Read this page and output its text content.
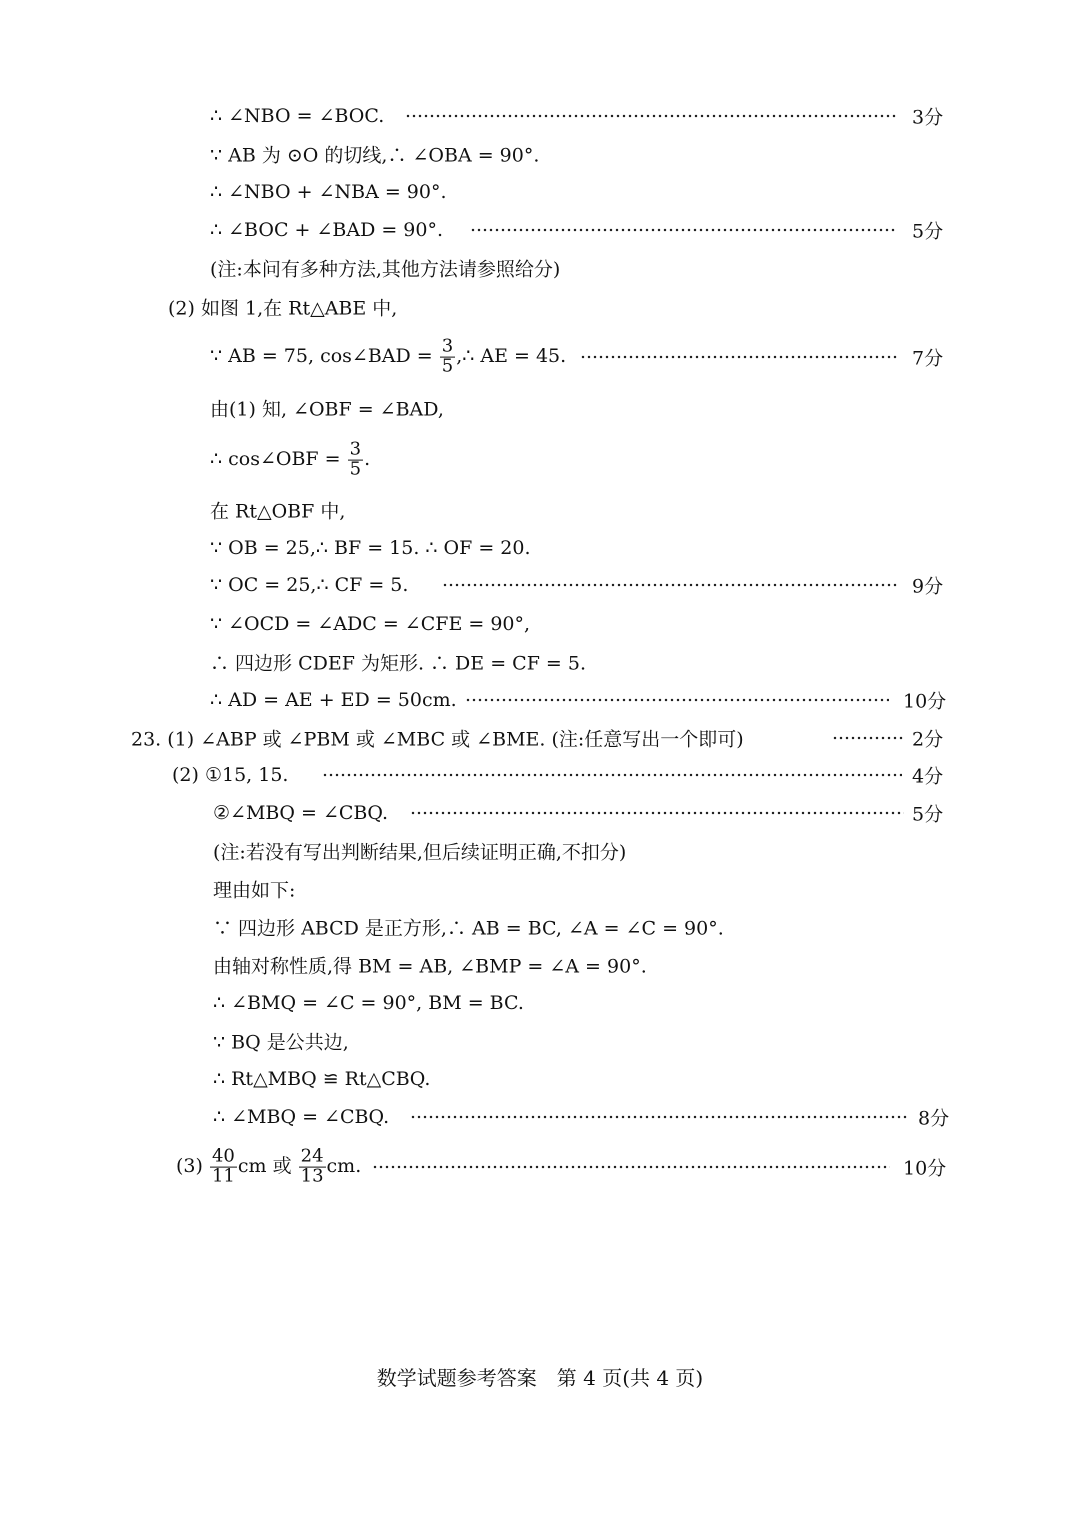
∴ ∠NBO = ∠BOC.	3分
∵ AB 为 ⊙O 的切线,∴ ∠OBA = 90°.
∴ ∠NBO + ∠NBA = 90°.
∴ ∠BOC + ∠BAD = 90°.	5分
(注:本问有多种方法,其他方法请参照给分)
(2) 如图 1,在 Rt△ABE 中,
∵ AB = 75, cos∠BAD = $\frac{3}{5}$ ,∴ AE = 45.	7分
由(1) 知, ∠OBF = ∠BAD,
∴ cos∠OBF = $\frac{3}{5}$ .
在 Rt△OBF 中,
∵ OB = 25,∴ BF = 15. ∴ OF = 20.
∵ OC = 25,∴ CF = 5.	9分
∵ ∠OCD = ∠ADC = ∠CFE = 90°,
∴ 四边形 CDEF 为矩形. ∴ DE = CF = 5.
∴ AD = AE + ED = 50cm.	10分
23. (1) ∠ABP 或 ∠PBM 或 ∠MBC 或 ∠BME. (注:任意写出一个即可)	2分
(2) ①15, 15.	4分
②∠MBQ = ∠CBQ.	5分
(注:若没有写出判断结果,但后续证明正确,不扣分)
理由如下:
∵ 四边形 ABCD 是正方形,∴ AB = BC, ∠A = ∠C = 90°.
由轴对称性质,得 BM = AB, ∠BMP = ∠A = 90°.
∴ ∠BMQ = ∠C = 90°, BM = BC.
∵ BQ 是公共边,
∴ Rt△MBQ ≌ Rt△CBQ.
∴ ∠MBQ = ∠CBQ.	8分
$(3) \frac{40}{11}$ cm 或 $\frac{24}{13}$ cm.	10分
数学试题参考答案　第 4 页(共 4 页)
